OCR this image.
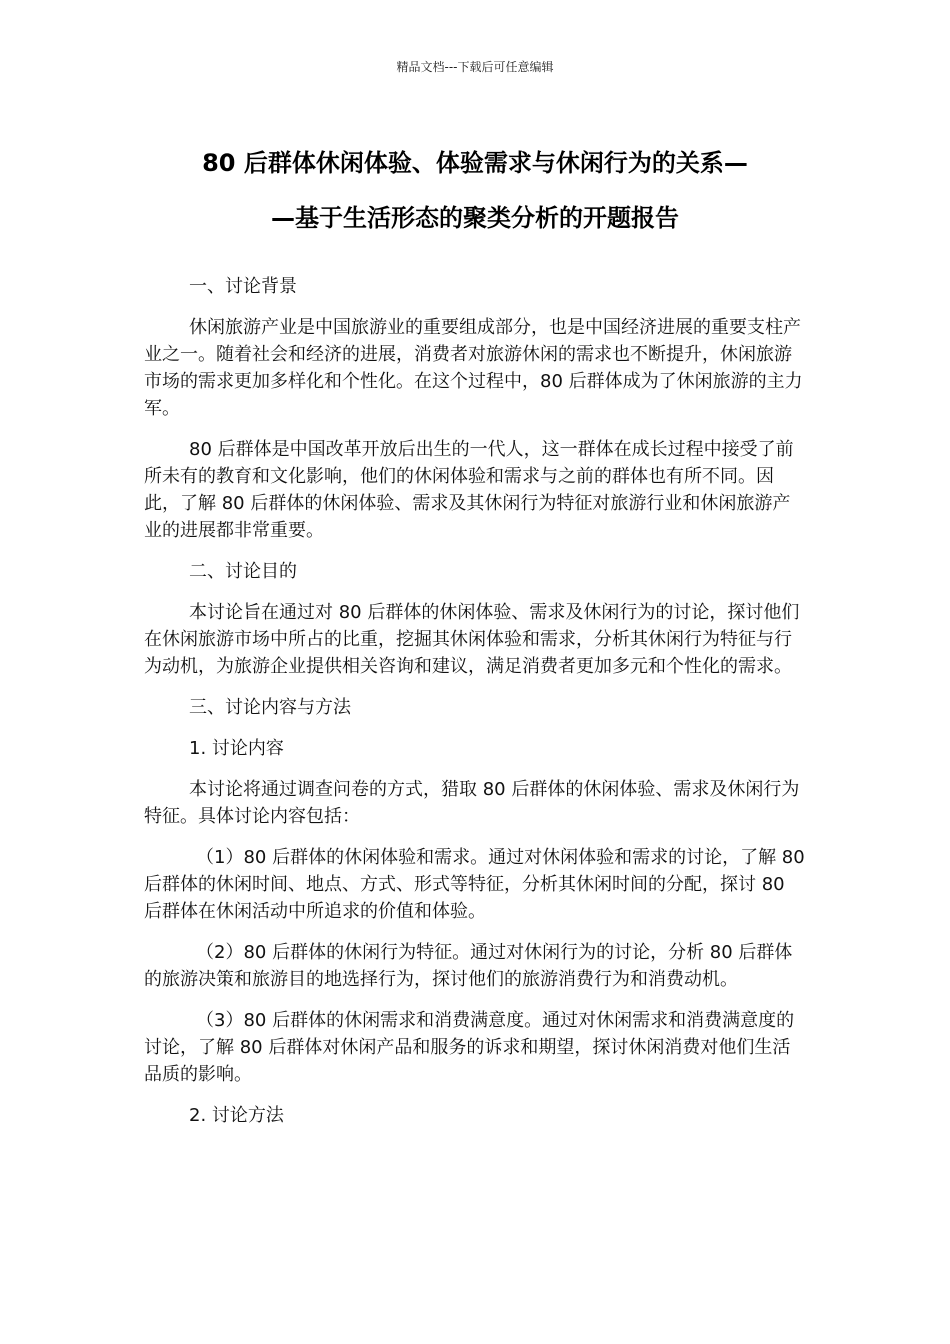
精品文档---下载后可任意编辑
80 后群体休闲体验、体验需求与休闲行为的关系—
—基于生活形态的聚类分析的开题报告

一、讨论背景

休闲旅游产业是中国旅游业的重要组成部分，也是中国经济进展的重要支柱产业之一。随着社会和经济的进展，消费者对旅游休闲的需求也不断提升，休闲旅游市场的需求更加多样化和个性化。在这个过程中，80 后群体成为了休闲旅游的主力军。

80 后群体是中国改革开放后出生的一代人，这一群体在成长过程中接受了前所未有的教育和文化影响，他们的休闲体验和需求与之前的群体也有所不同。因此，了解 80 后群体的休闲体验、需求及其休闲行为特征对旅游行业和休闲旅游产业的进展都非常重要。

二、讨论目的

本讨论旨在通过对 80 后群体的休闲体验、需求及休闲行为的讨论，探讨他们在休闲旅游市场中所占的比重，挖掘其休闲体验和需求，分析其休闲行为特征与行为动机，为旅游企业提供相关咨询和建议，满足消费者更加多元和个性化的需求。

三、讨论内容与方法

1. 讨论内容

本讨论将通过调查问卷的方式，猎取 80 后群体的休闲体验、需求及休闲行为特征。具体讨论内容包括：

（1）80 后群体的休闲体验和需求。通过对休闲体验和需求的讨论，了解 80 后群体的休闲时间、地点、方式、形式等特征，分析其休闲时间的分配，探讨 80 后群体在休闲活动中所追求的价值和体验。

（2）80 后群体的休闲行为特征。通过对休闲行为的讨论，分析 80 后群体的旅游决策和旅游目的地选择行为，探讨他们的旅游消费行为和消费动机。

（3）80 后群体的休闲需求和消费满意度。通过对休闲需求和消费满意度的讨论，了解 80 后群体对休闲产品和服务的诉求和期望，探讨休闲消费对他们生活品质的影响。

2. 讨论方法
